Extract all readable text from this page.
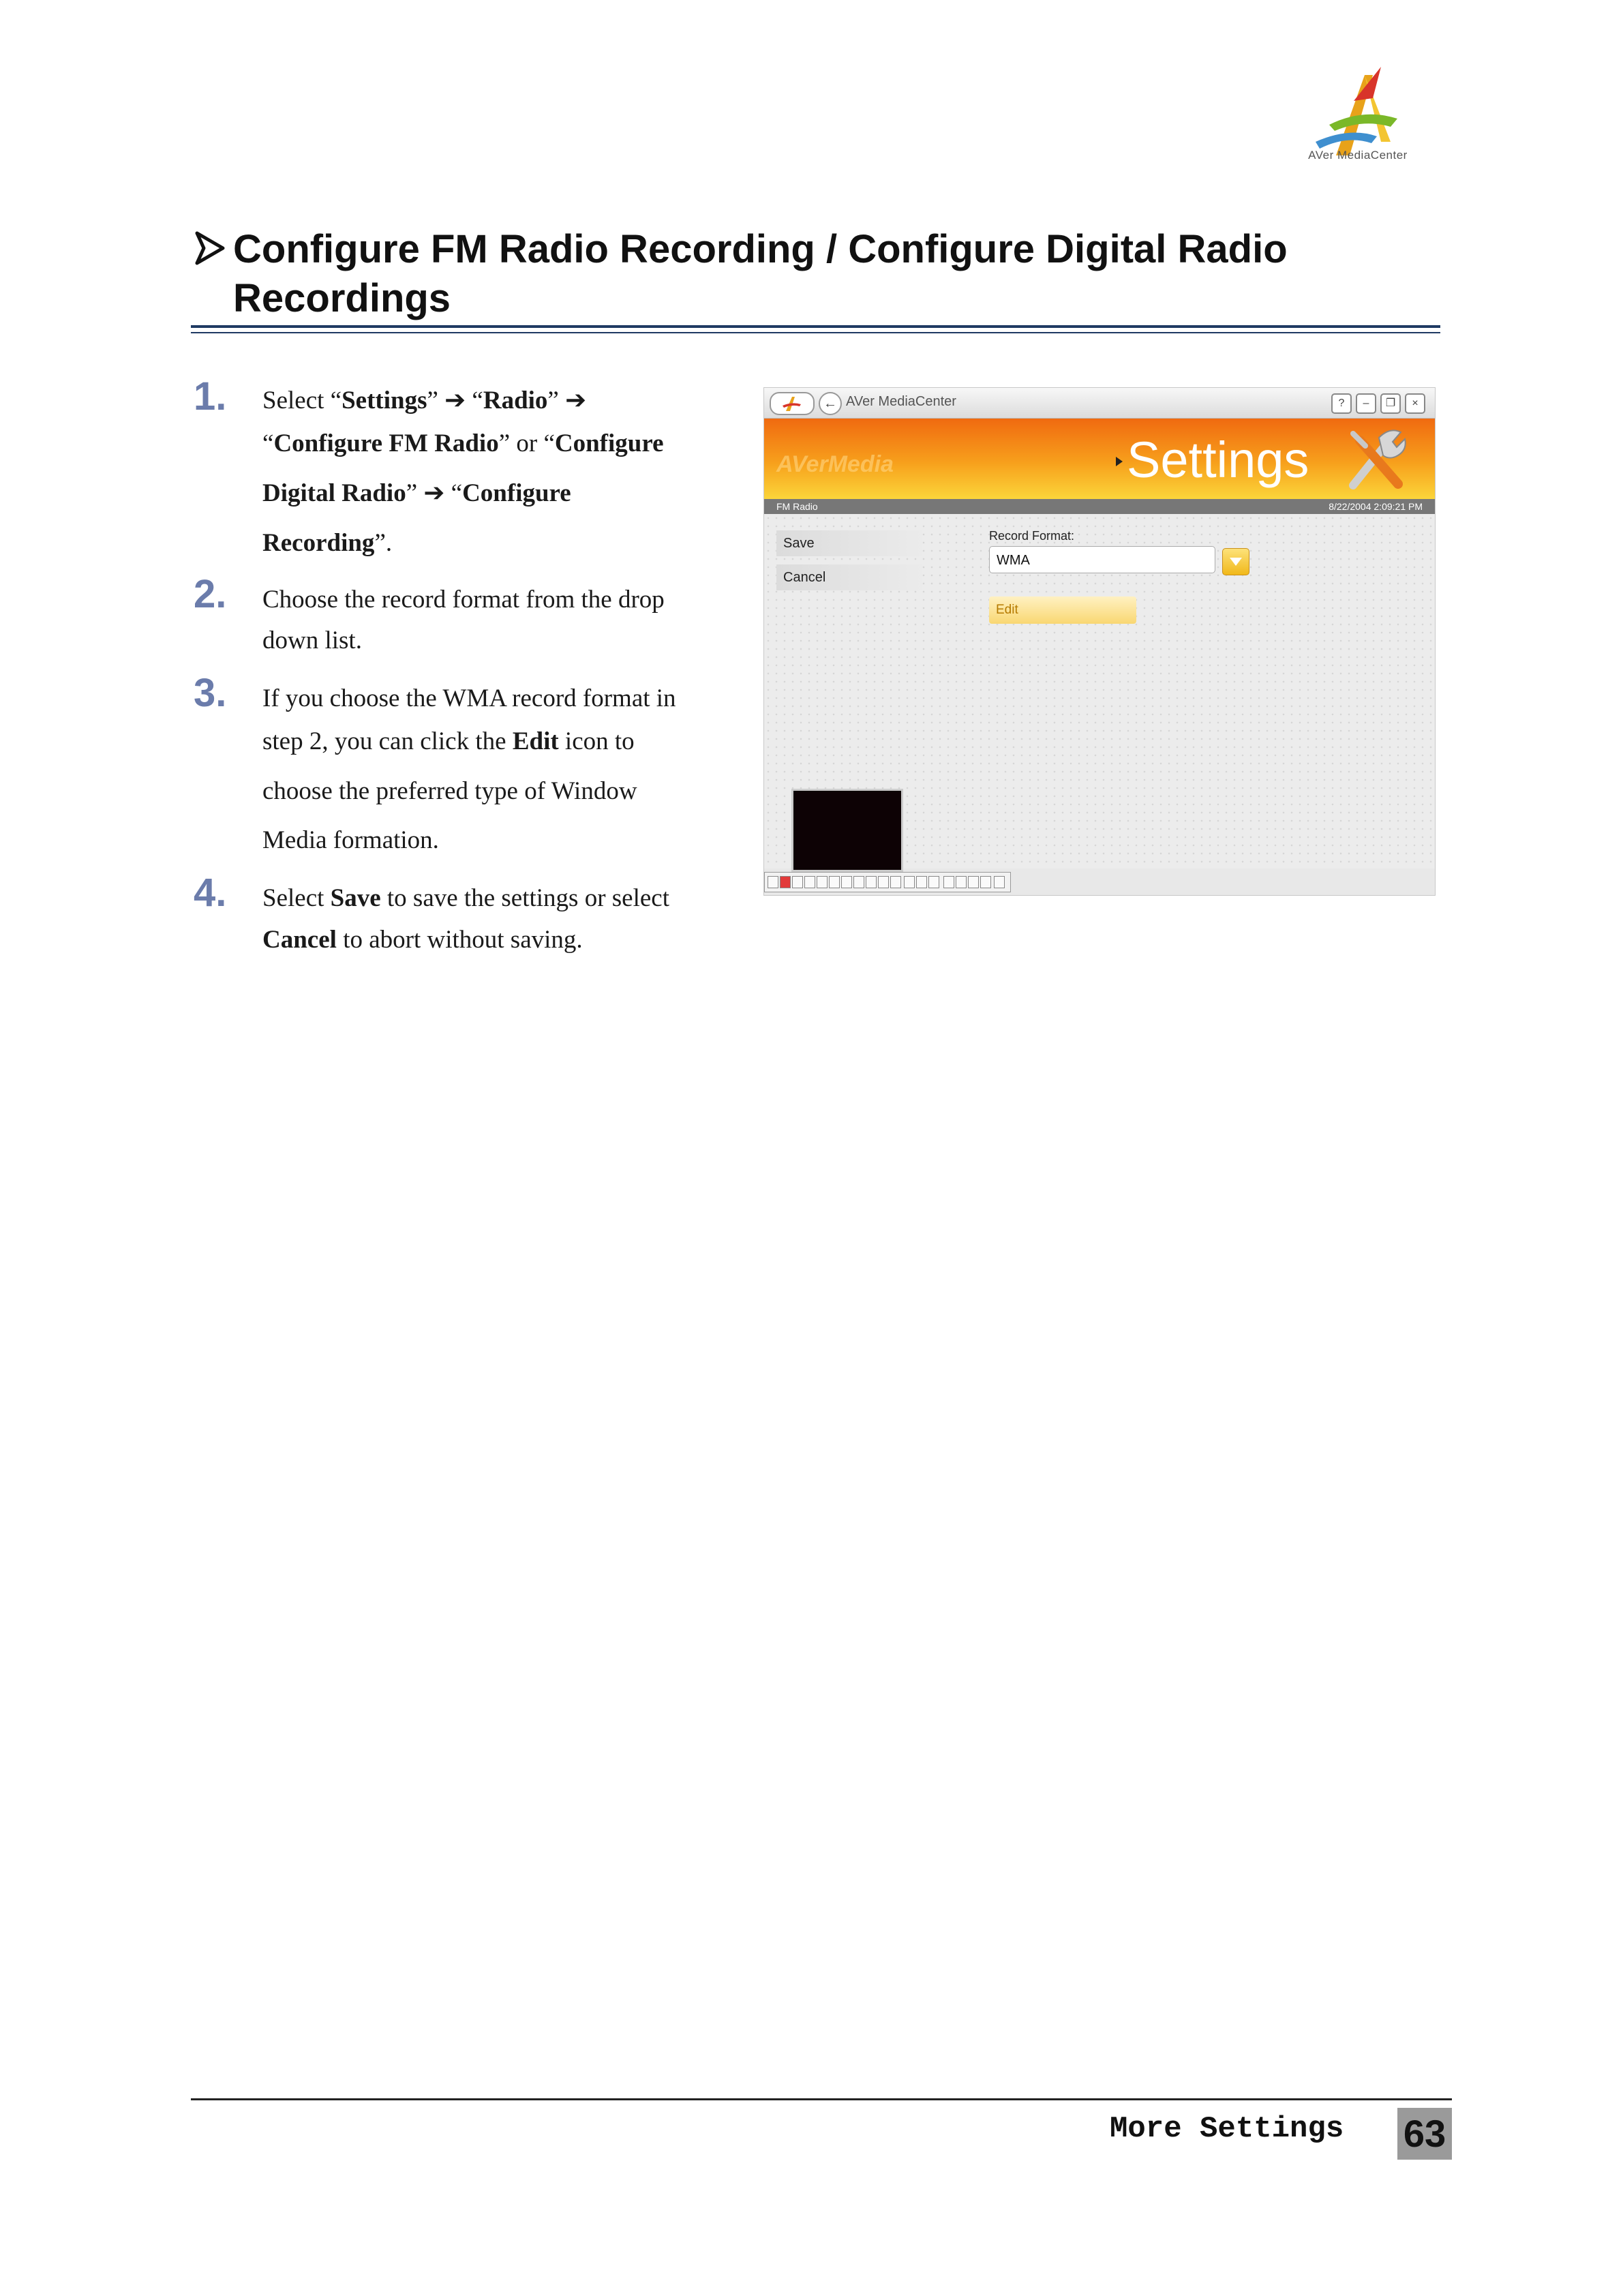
AVer MediaCenter
Configure FM Radio Recording / Configure Digital Radio Recordings
1. Select “Settings” ➔ “Radio” ➔
“Configure FM Radio” or “Configure
Digital Radio” ➔ “Configure
Recording”.
2. Choose the record format from the drop
down list.
3. If you choose the WMA record format in
step 2, you can click the Edit icon to
choose the preferred type of Window
Media formation.
4. Select Save to save the settings or select
Cancel to abort without saving.
← AVer MediaCenter	?	–	❐	×
AVerMedia	Settings
FM Radio	8/22/2004 2:09:21 PM
Save
Cancel
Record Format:
WMA
Edit
More Settings 63
